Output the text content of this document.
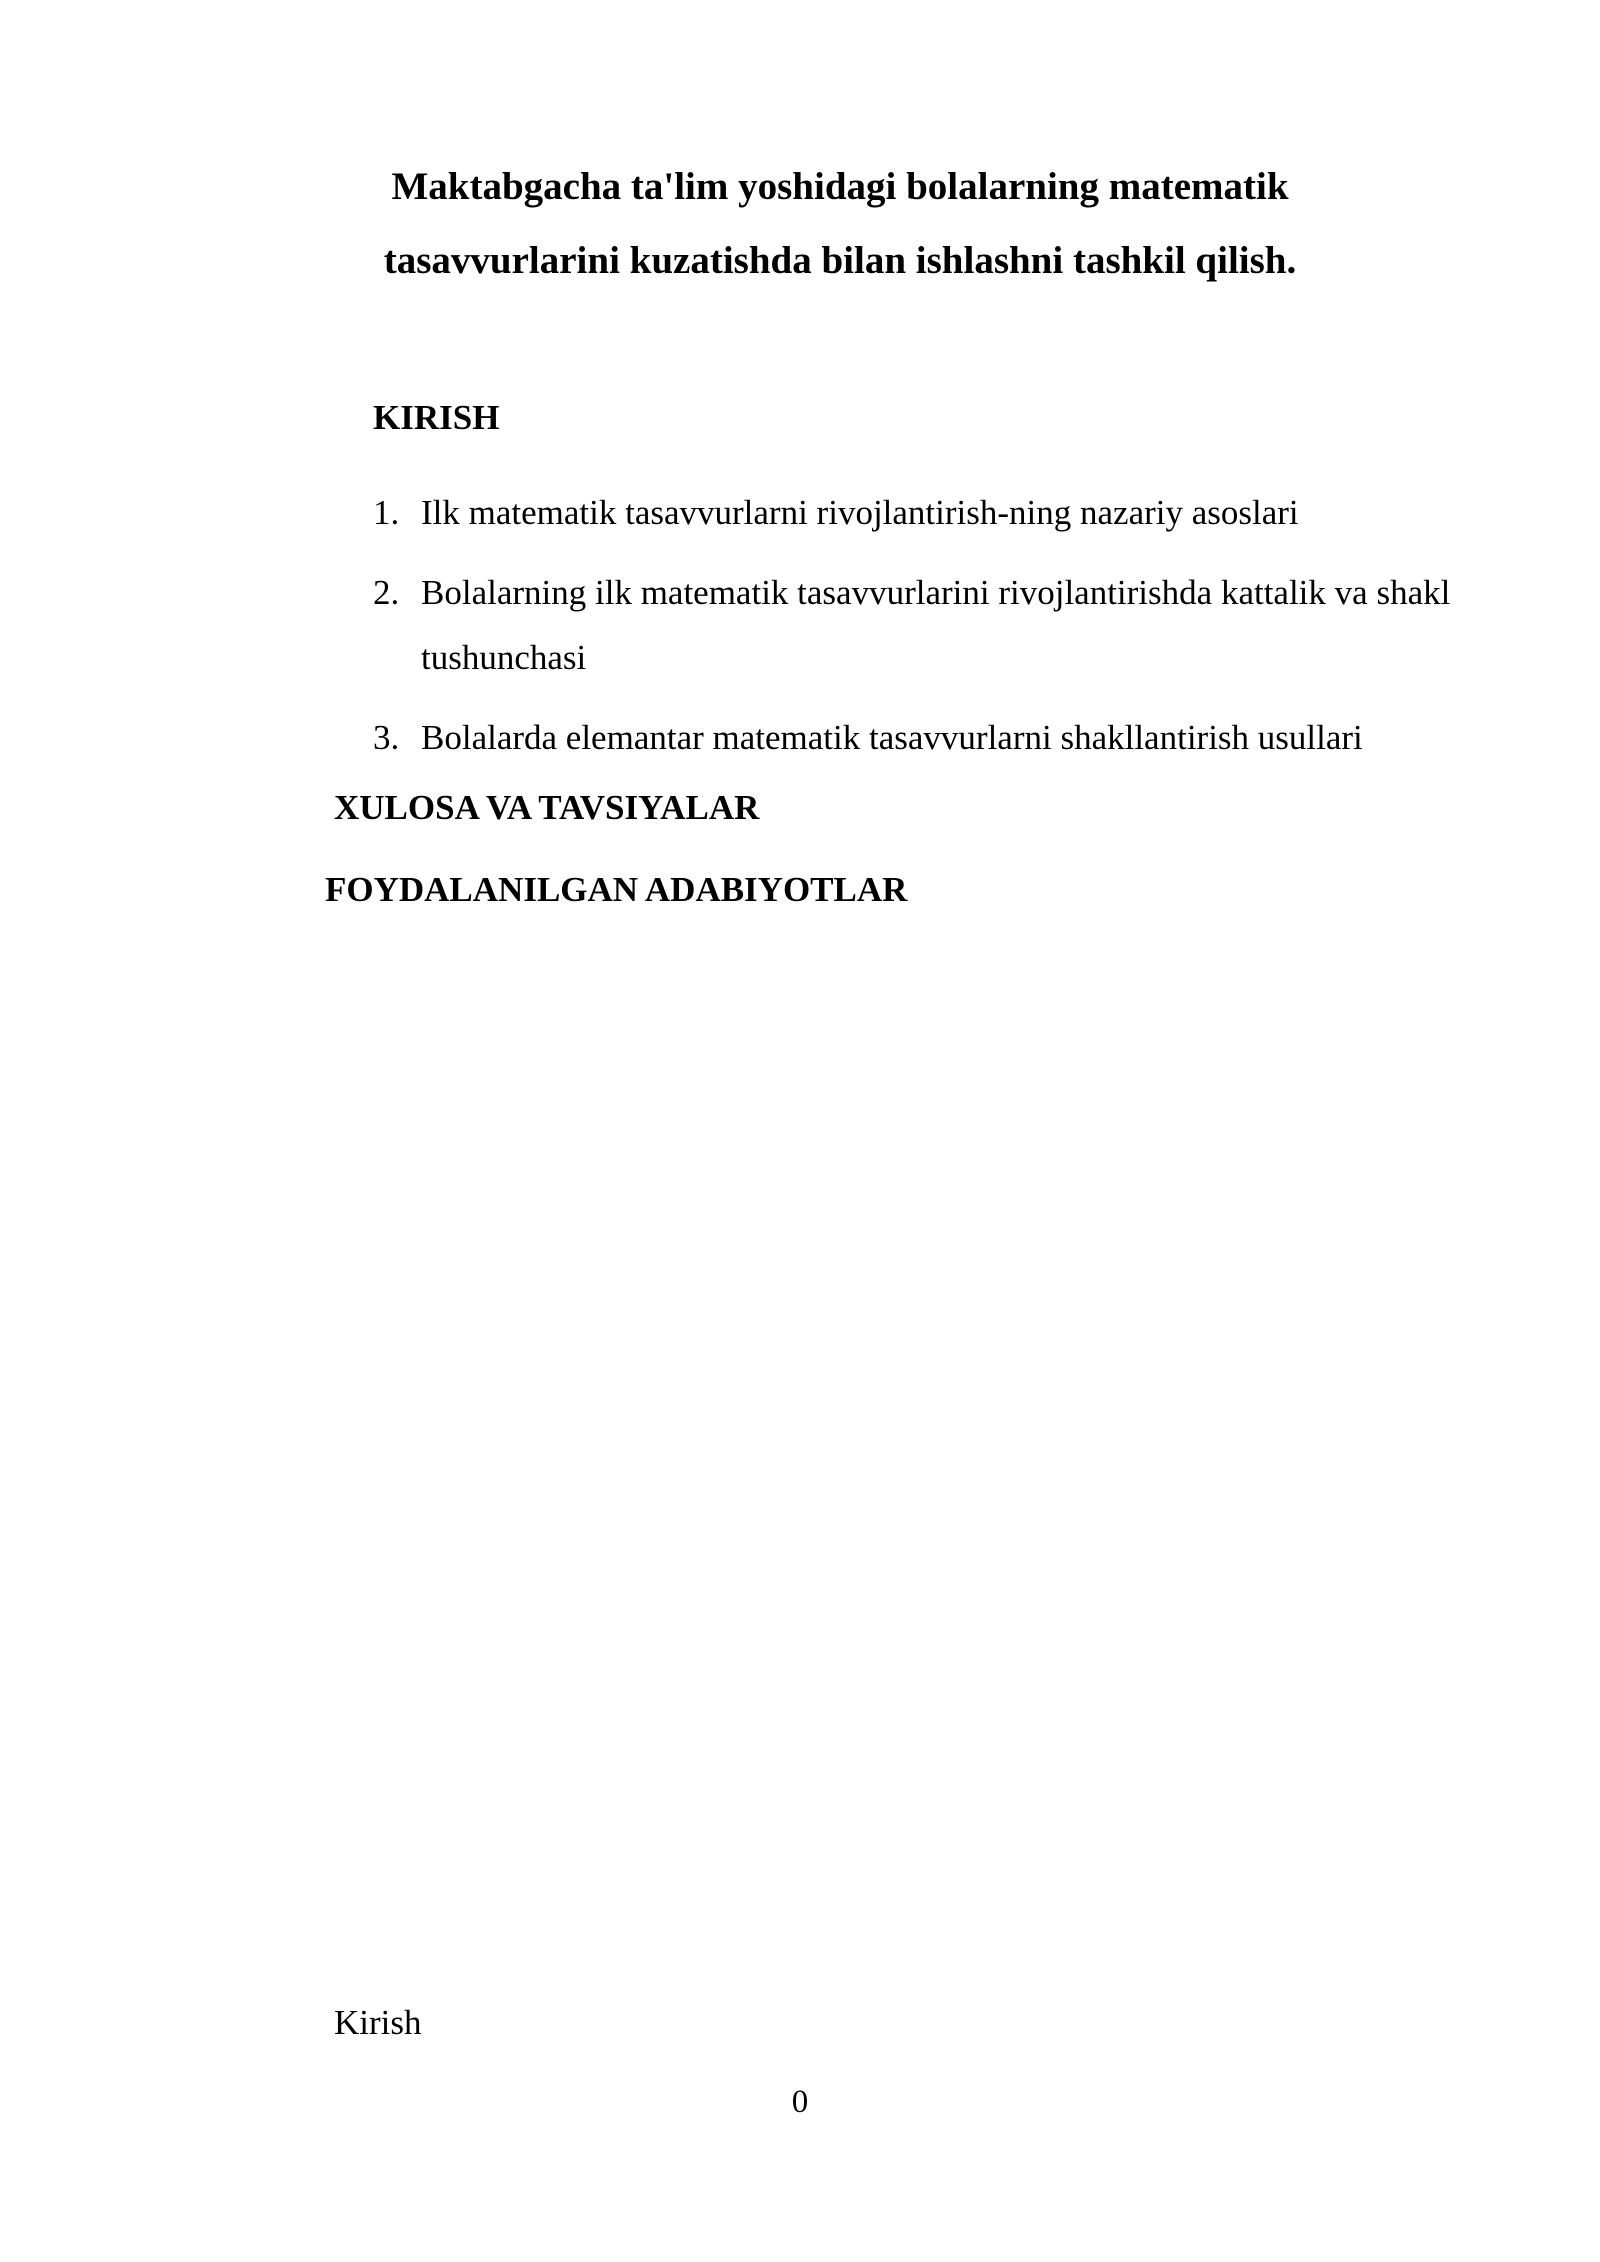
Maktabgacha ta'lim yoshidagi bolalarning matematik
tasavvurlarini kuzatishda bilan ishlashni tashkil qilish.
KIRISH
1. Ilk matematik tasavvurlarni rivojlantirish-ning nazariy asoslari
2. Bolalarning ilk matematik tasavvurlarini rivojlantirishda kattalik va shakl tushunchasi
3. Bolalarda elemantar matematik tasavvurlarni shakllantirish usullari
XULOSA VA TAVSIYALAR
FOYDALANILGAN ADABIYOTLAR

Kirish

0
